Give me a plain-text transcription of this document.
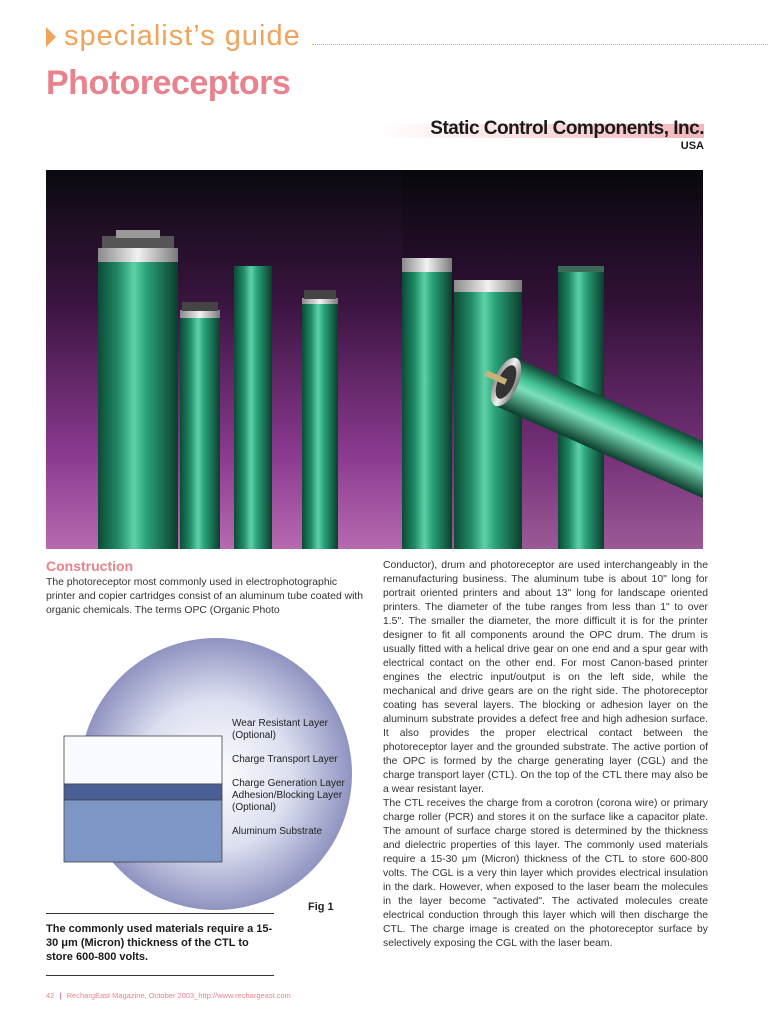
specialist’s guide
Photoreceptors
Static Control Components, Inc.
USA
Construction

The photoreceptor most commonly used in electrophotographic printer and copier cartridges consist of an aluminum tube coated with organic chemicals. The terms OPC (Organic Photo

Conductor), drum and photoreceptor are used interchangeably in the remanufacturing business. The aluminum tube is about 10" long for portrait oriented printers and about 13" long for landscape oriented printers. The diameter of the tube ranges from less than 1" to over 1.5". The smaller the diameter, the more difficult it is for the printer designer to fit all components around the OPC drum. The drum is usually fitted with a helical drive gear on one end and a spur gear with electrical contact on the other end. For most Canon-based printer engines the electric input/output is on the left side, while the mechanical and drive gears are on the right side. The photoreceptor coating has several layers. The blocking or adhesion layer on the aluminum substrate provides a defect free and high adhesion surface. It also provides the proper electrical contact between the photoreceptor layer and the grounded substrate. The active portion of the OPC is formed by the charge generating layer (CGL) and the charge transport layer (CTL). On the top of the CTL there may also be a wear resistant layer.

The CTL receives the charge from a corotron (corona wire) or primary charge roller (PCR) and stores it on the surface like a capacitor plate. The amount of surface charge stored is determined by the thickness and dielectric properties of this layer. The commonly used materials require a 15-30 μm (Micron) thickness of the CTL to store 600-800 volts. The CGL is a very thin layer which provides electrical insulation in the dark. However, when exposed to the laser beam the molecules in the layer become "activated". The activated molecules create electrical conduction through this layer which will then discharge the CTL. The charge image is created on the photoreceptor surface by selectively exposing the CGL with the laser beam.

Wear Resistant Layer
(Optional)
Charge Transport Layer
Charge Generation Layer
Adhesion/Blocking Layer
(Optional)
Aluminum Substrate
Fig 1
The commonly used materials require a 15-30 μm (Micron) thickness of the CTL to store 600-800 volts.
42 | RechargEast Magazine, October 2003_http://www.rechargeast.com
